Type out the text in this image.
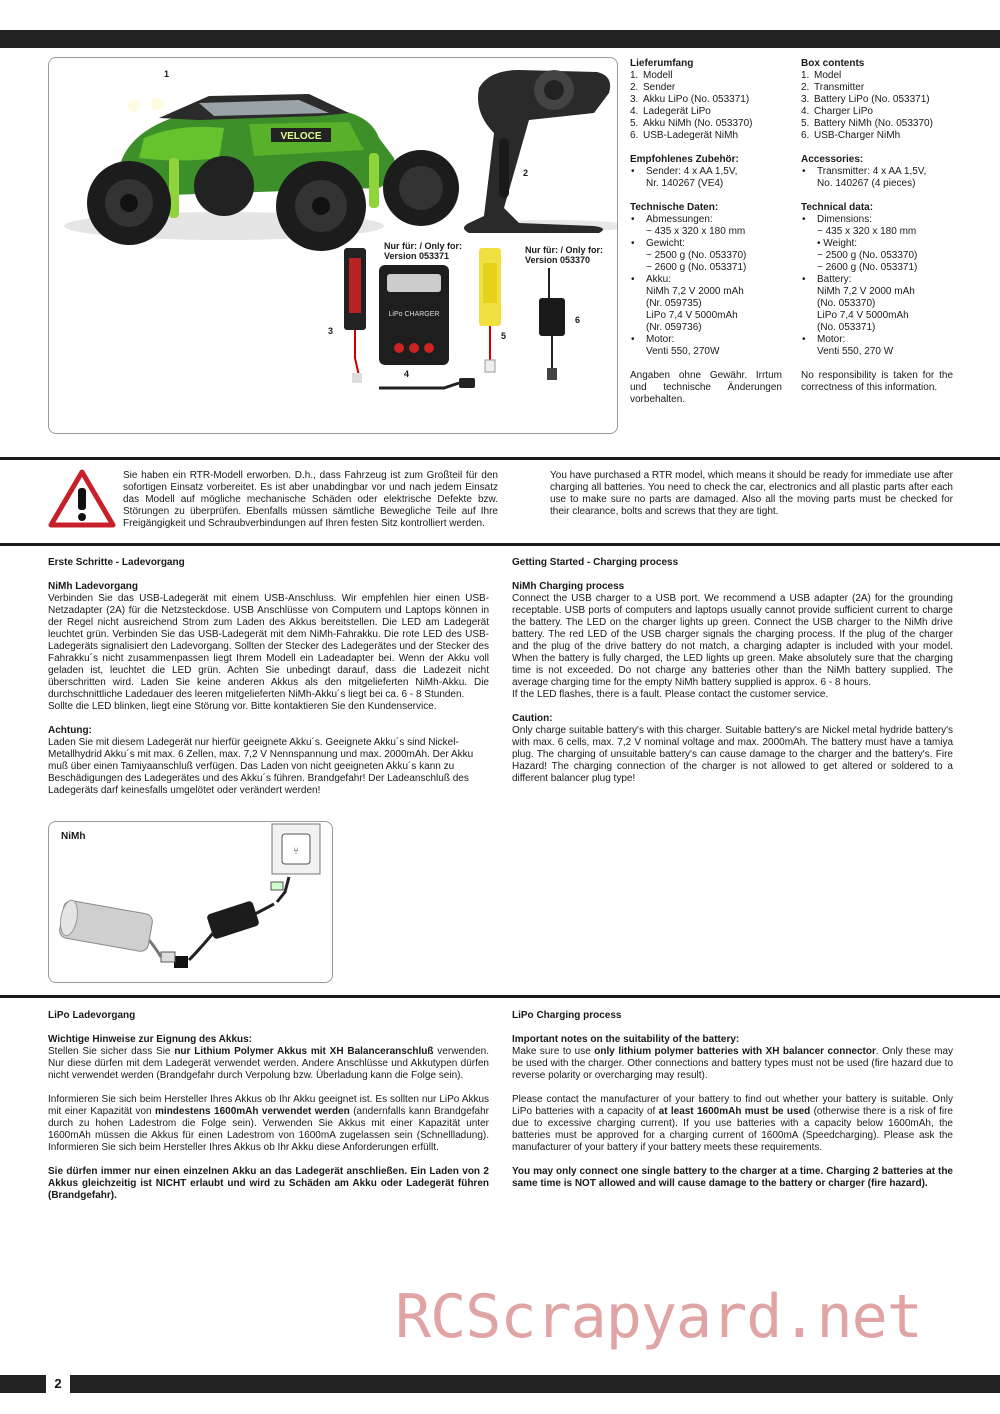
VELOCE
LiPo CHARGER
1
2
3
4
5
6
Nur für: / Only for:
Version 053371
Nur für: / Only for:
Version 053370
Lieferumfang
1. Modell
2. Sender
3. Akku LiPo (No. 053371)
4. Ladegerät LiPo
5. Akku NiMh (No. 053370)
6. USB-Ladegerät NiMh
Empfohlenes Zubehör:
• Sender: 4 x AA 1,5V,
Nr. 140267 (VE4)
Technische Daten:
• Abmessungen:
~ 435 x 320 x 180 mm
• Gewicht:
~ 2500 g (No. 053370)
~ 2600 g (No. 053371)
• Akku:
NiMh 7,2 V 2000 mAh
(Nr. 059735)
LiPo 7,4 V 5000mAh
(Nr. 059736)
• Motor:
Venti 550, 270W
Angaben ohne Gewähr. Irrtum und technische Änderungen vorbehalten.
Box contents
1. Model
2. Transmitter
3. Battery LiPo (No. 053371)
4. Charger LiPo
5. Battery NiMh (No. 053370)
6. USB-Charger NiMh
Accessories:
• Transmitter: 4 x AA 1,5V,
No. 140267 (4 pieces)
Technical data:
• Dimensions:
~ 435 x 320 x 180 mm
• Weight:
~ 2500 g (No. 053370)
~ 2600 g (No. 053371)
• Battery:
NiMh 7,2 V 2000 mAh
(No. 053370)
LiPo 7,4 V 5000mAh
(No. 053371)
• Motor:
Venti 550, 270 W
No responsibility is taken for the correctness of this information.
Sie haben ein RTR-Modell erworben. D.h., dass Fahrzeug ist zum Großteil für den sofortigen Einsatz vorbereitet. Es ist aber unabdingbar vor und nach jedem Einsatz das Modell auf mögliche mechanische Schäden oder elektrische Defekte bzw. Störungen zu überprüfen. Ebenfalls müssen sämtliche Bewegliche Teile auf Ihre Freigängigkeit und Schraubverbindungen auf Ihren festen Sitz kontrolliert werden.
You have purchased a RTR model, which means it should be ready for immediate use after charging all batteries. You need to check the car, electronics and all plastic parts after each use to make sure no parts are damaged. Also all the moving parts must be checked for their clearance, bolts and screws that they are tight.
Erste Schritte - Ladevorgang
NiMh Ladevorgang
Verbinden Sie das USB-Ladegerät mit einem USB-Anschluss. Wir empfehlen hier einen USB-Netzadapter (2A) für die Netzsteckdose. USB Anschlüsse von Computern und Laptops können in der Regel nicht ausreichend Strom zum Laden des Akkus bereitstellen. Die LED am Ladegerät leuchtet grün. Verbinden Sie das USB-Ladegerät mit dem NiMh-Fahrakku. Die rote LED des USB-Ladegeräts signalisiert den Ladevorgang. Sollten der Stecker des Ladegerätes und der Stecker des Fahrakku´s nicht zusammenpassen liegt Ihrem Modell ein Ladeadapter bei. Wenn der Akku voll geladen ist, leuchtet die LED grün. Achten Sie unbedingt darauf, dass die Ladezeit nicht überschritten wird. Laden Sie keine anderen Akkus als den mitgelieferten NiMh-Akku. Die durchschnittliche Ladedauer des leeren mitgelieferten NiMh-Akku´s liegt bei ca. 6 - 8 Stunden.
Sollte die LED blinken, liegt eine Störung vor. Bitte kontaktieren Sie den Kundenservice.
Achtung:
Laden Sie mit diesem Ladegerät nur hierfür geeignete Akku´s. Geeignete Akku´s sind Nickel-Metallhydrid Akku´s mit max. 6 Zellen, max. 7,2 V Nennspannung und max. 2000mAh. Der Akku muß über einen Tamiyaanschluß verfügen. Das Laden von nicht geeigneten Akku´s kann zu Beschädigungen des Ladegerätes und des Akku´s führen. Brandgefahr! Der Ladeanschluß des Ladegeräts darf keinesfalls umgelötet oder verändert werden!
Getting Started - Charging process
NiMh Charging process
Connect the USB charger to a USB port. We recommend a USB adapter (2A) for the grounding receptable. USB ports of computers and laptops usually cannot provide sufficient current to charge the battery. The LED on the charger lights up green. Connect the USB charger to the NiMh drive battery. The red LED of the USB charger signals the charging process. If the plug of the charger and the plug of the drive battery do not match, a charging adapter is included with your model. When the battery is fully charged, the LED lights up green. Make absolutely sure that the charging time is not exceeded. Do not charge any batteries other than the NiMh battery supplied. The average charging time for the empty NiMh battery supplied is approx. 6 - 8 hours.
If the LED flashes, there is a fault. Please contact the customer service.
Caution:
Only charge suitable battery's with this charger. Suitable battery's are Nickel metal hydride battery's with max. 6 cells, max. 7,2 V nominal voltage and max. 2000mAh. The battery must have a tamiya plug. The charging of unsuitable battery's can cause damage to the charger and the battery's. Fire Hazard! The charging connection of the charger is not allowed to get altered or soldered to a different balancer plug type!
NiMh
⑂
LiPo Ladevorgang
Wichtige Hinweise zur Eignung des Akkus:
Stellen Sie sicher dass Sie nur Lithium Polymer Akkus mit XH Balanceranschluß verwenden. Nur diese dürfen mit dem Ladegerät verwendet werden. Andere Anschlüsse und Akkutypen dürfen nicht verwendet werden (Brandgefahr durch Verpolung bzw. Überladung kann die Folge sein).
Informieren Sie sich beim Hersteller Ihres Akkus ob Ihr Akku geeignet ist. Es sollten nur LiPo Akkus mit einer Kapazität von mindestens 1600mAh verwendet werden (andernfalls kann Brandgefahr durch zu hohen Ladestrom die Folge sein). Verwenden Sie Akkus mit einer Kapazität unter 1600mAh müssen die Akkus für einen Ladestrom von 1600mA zugelassen sein (Schnellladung). Informieren Sie sich beim Hersteller Ihres Akkus ob Ihr Akku diese Anforderungen erfüllt.
Sie dürfen immer nur einen einzelnen Akku an das Ladegerät anschließen. Ein Laden von 2 Akkus gleichzeitig ist NICHT erlaubt und wird zu Schäden am Akku oder Ladegerät führen (Brandgefahr).
LiPo Charging process
Important notes on the suitability of the battery:
Make sure to use only lithium polymer batteries with XH balancer connector. Only these may be used with the charger. Other connections and battery types must not be used (fire hazard due to reverse polarity or overcharging may result).
Please contact the manufacturer of your battery to find out whether your battery is suitable. Only LiPo batteries with a capacity of at least 1600mAh must be used (otherwise there is a risk of fire due to excessive charging current). If you use batteries with a capacity below 1600mAh, the batteries must be approved for a charging current of 1600mA (Speedcharging). Please ask the manufacturer of your battery if your battery meets these requirements.
You may only connect one single battery to the charger at a time. Charging 2 batteries at the same time is NOT allowed and will cause damage to the battery or charger (fire hazard).
RCScrapyard.net
2
